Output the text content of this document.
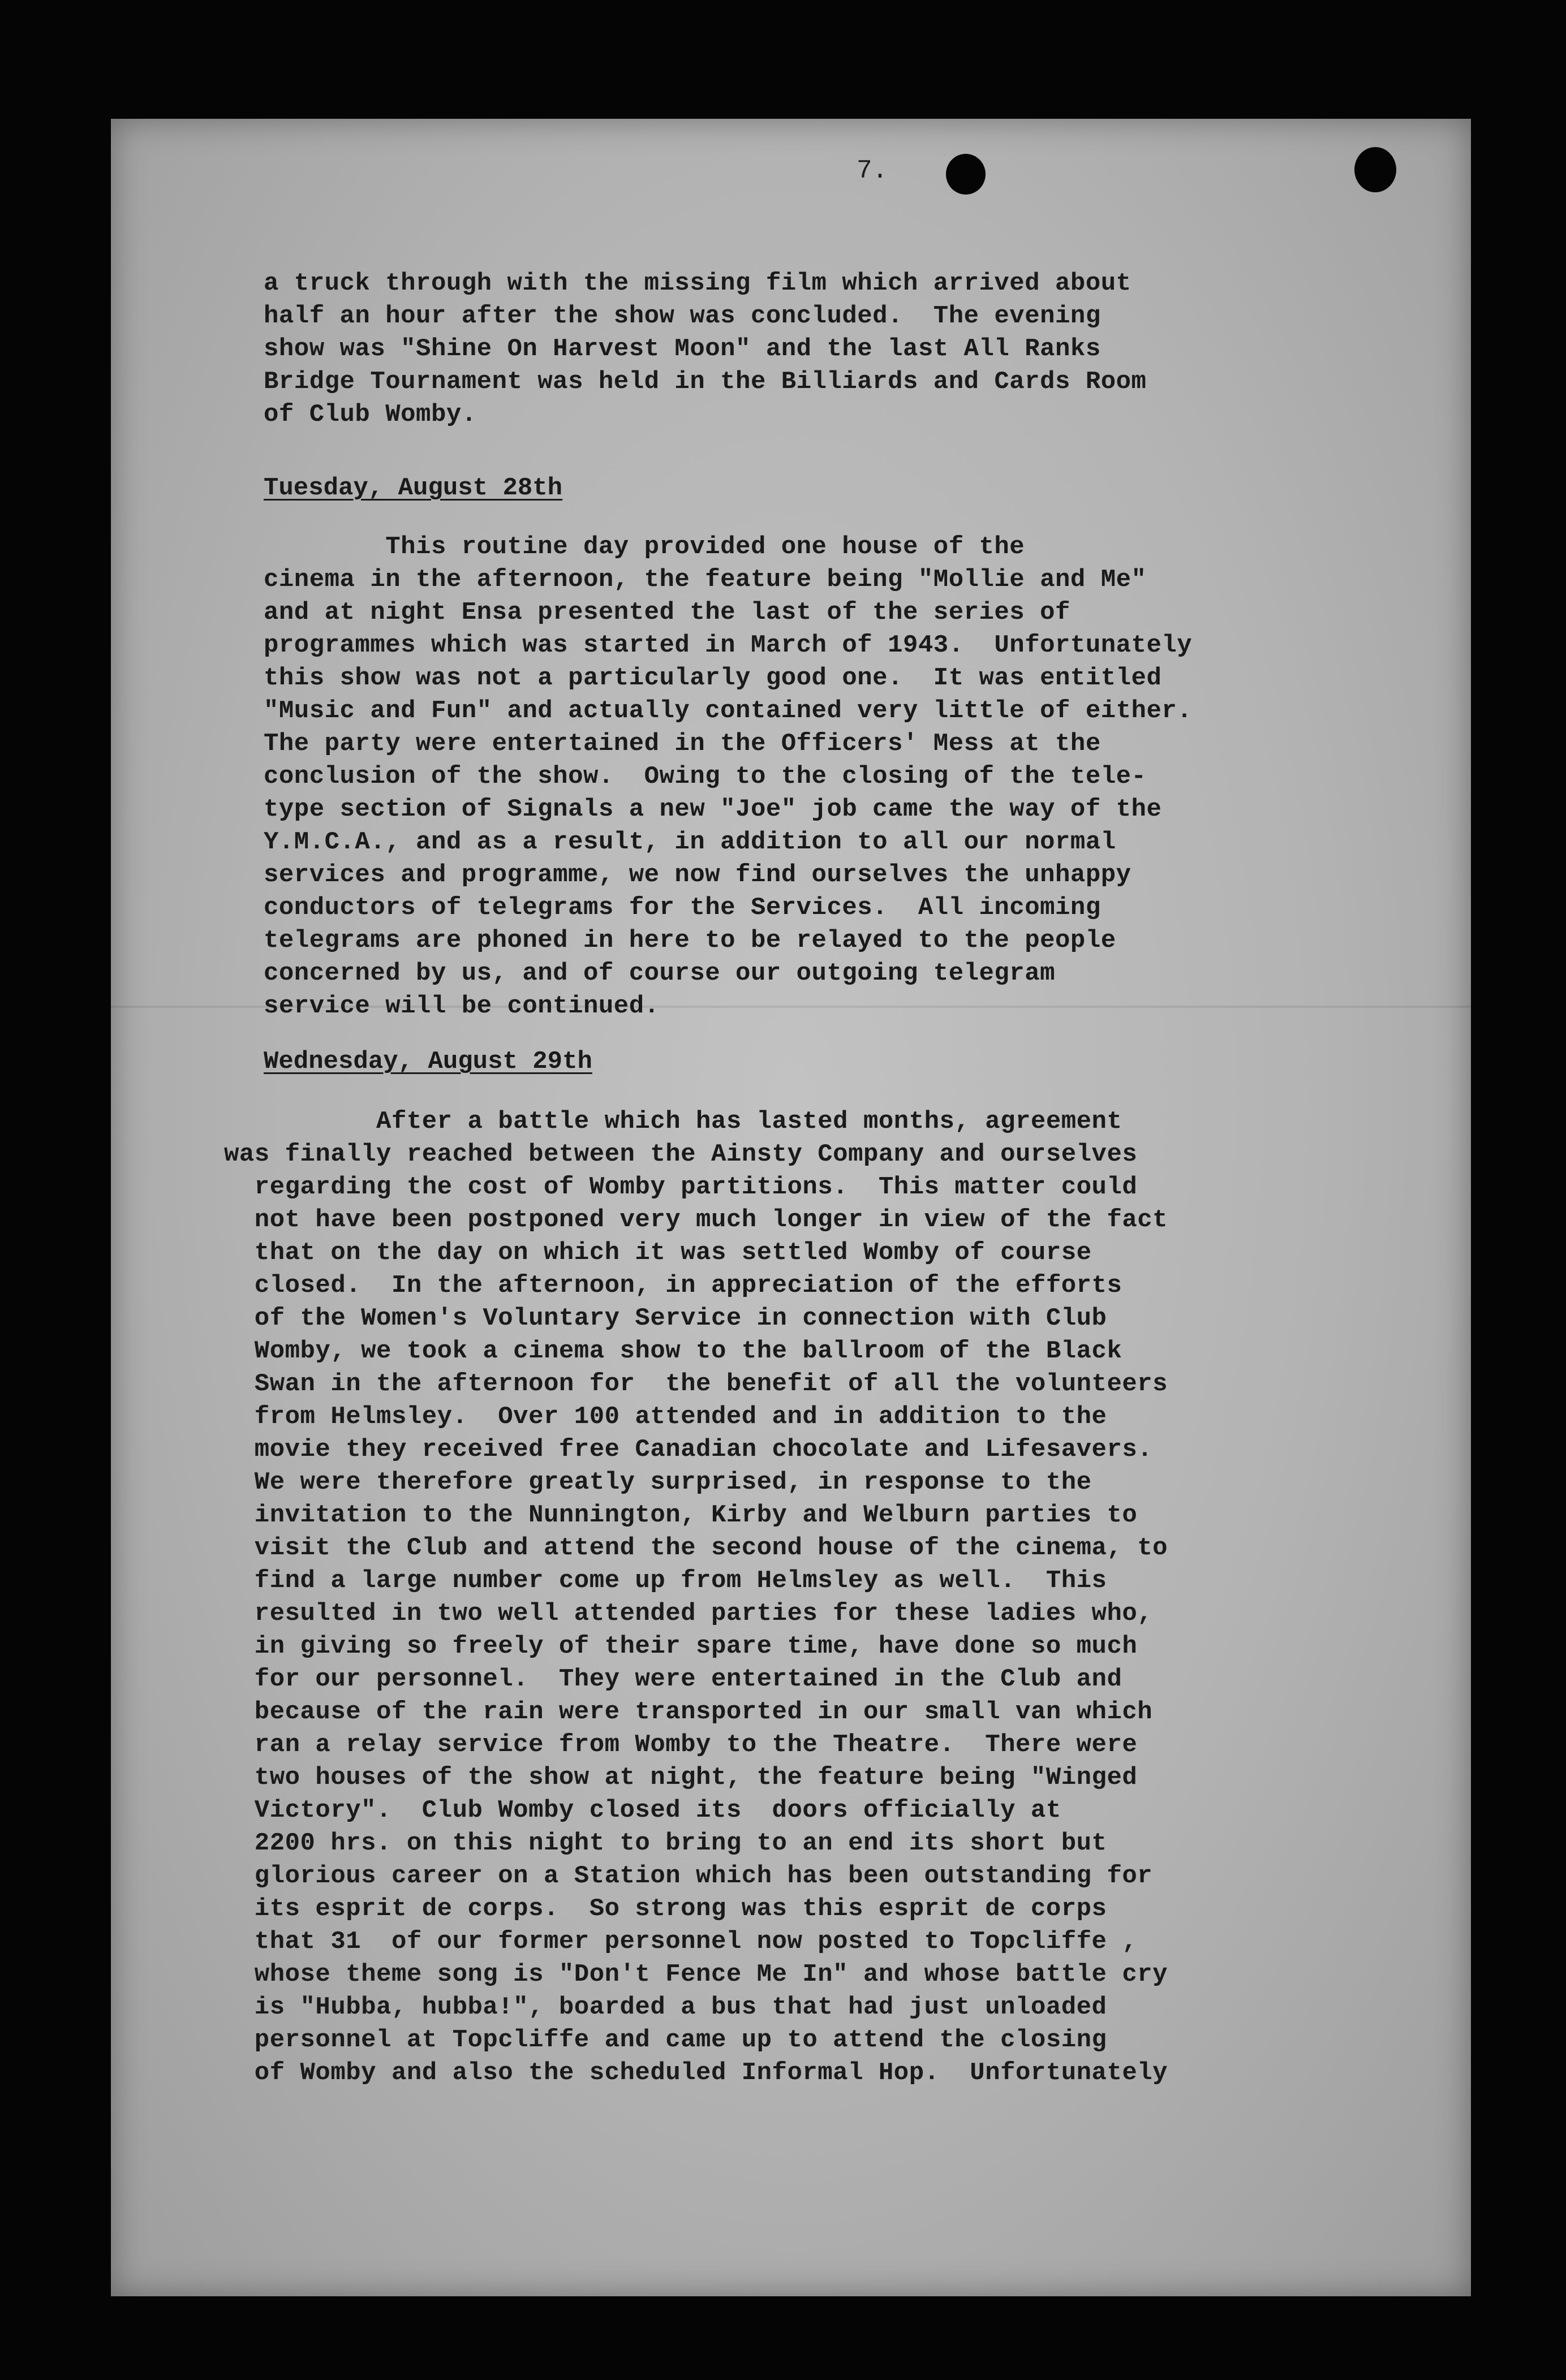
7.
a truck through with the missing film which arrived about
half an hour after the show was concluded.  The evening
show was "Shine On Harvest Moon" and the last All Ranks
Bridge Tournament was held in the Billiards and Cards Room
of Club Womby.
Tuesday, August 28th
This routine day provided one house of the
cinema in the afternoon, the feature being "Mollie and Me"
and at night Ensa presented the last of the series of
programmes which was started in March of 1943.  Unfortunately
this show was not a particularly good one.  It was entitled
"Music and Fun" and actually contained very little of either.
The party were entertained in the Officers' Mess at the
conclusion of the show.  Owing to the closing of the tele-
type section of Signals a new "Joe" job came the way of the
Y.M.C.A., and as a result, in addition to all our normal
services and programme, we now find ourselves the unhappy
conductors of telegrams for the Services.  All incoming
telegrams are phoned in here to be relayed to the people
concerned by us, and of course our outgoing telegram
service will be continued.
Wednesday, August 29th
After a battle which has lasted months, agreement
was finally reached between the Ainsty Company and ourselves
regarding the cost of Womby partitions.  This matter could
not have been postponed very much longer in view of the fact
that on the day on which it was settled Womby of course
closed.  In the afternoon, in appreciation of the efforts
of the Women's Voluntary Service in connection with Club
Womby, we took a cinema show to the ballroom of the Black
Swan in the afternoon for  the benefit of all the volunteers
from Helmsley.  Over 100 attended and in addition to the
movie they received free Canadian chocolate and Lifesavers.
We were therefore greatly surprised, in response to the
invitation to the Nunnington, Kirby and Welburn parties to
visit the Club and attend the second house of the cinema, to
find a large number come up from Helmsley as well.  This
resulted in two well attended parties for these ladies who,
in giving so freely of their spare time, have done so much
for our personnel.  They were entertained in the Club and
because of the rain were transported in our small van which
ran a relay service from Womby to the Theatre.  There were
two houses of the show at night, the feature being "Winged
Victory".  Club Womby closed its  doors officially at
2200 hrs. on this night to bring to an end its short but
glorious career on a Station which has been outstanding for
its esprit de corps.  So strong was this esprit de corps
that 31  of our former personnel now posted to Topcliffe ,
whose theme song is "Don't Fence Me In" and whose battle cry
is "Hubba, hubba!", boarded a bus that had just unloaded
personnel at Topcliffe and came up to attend the closing
of Womby and also the scheduled Informal Hop.  Unfortunately
